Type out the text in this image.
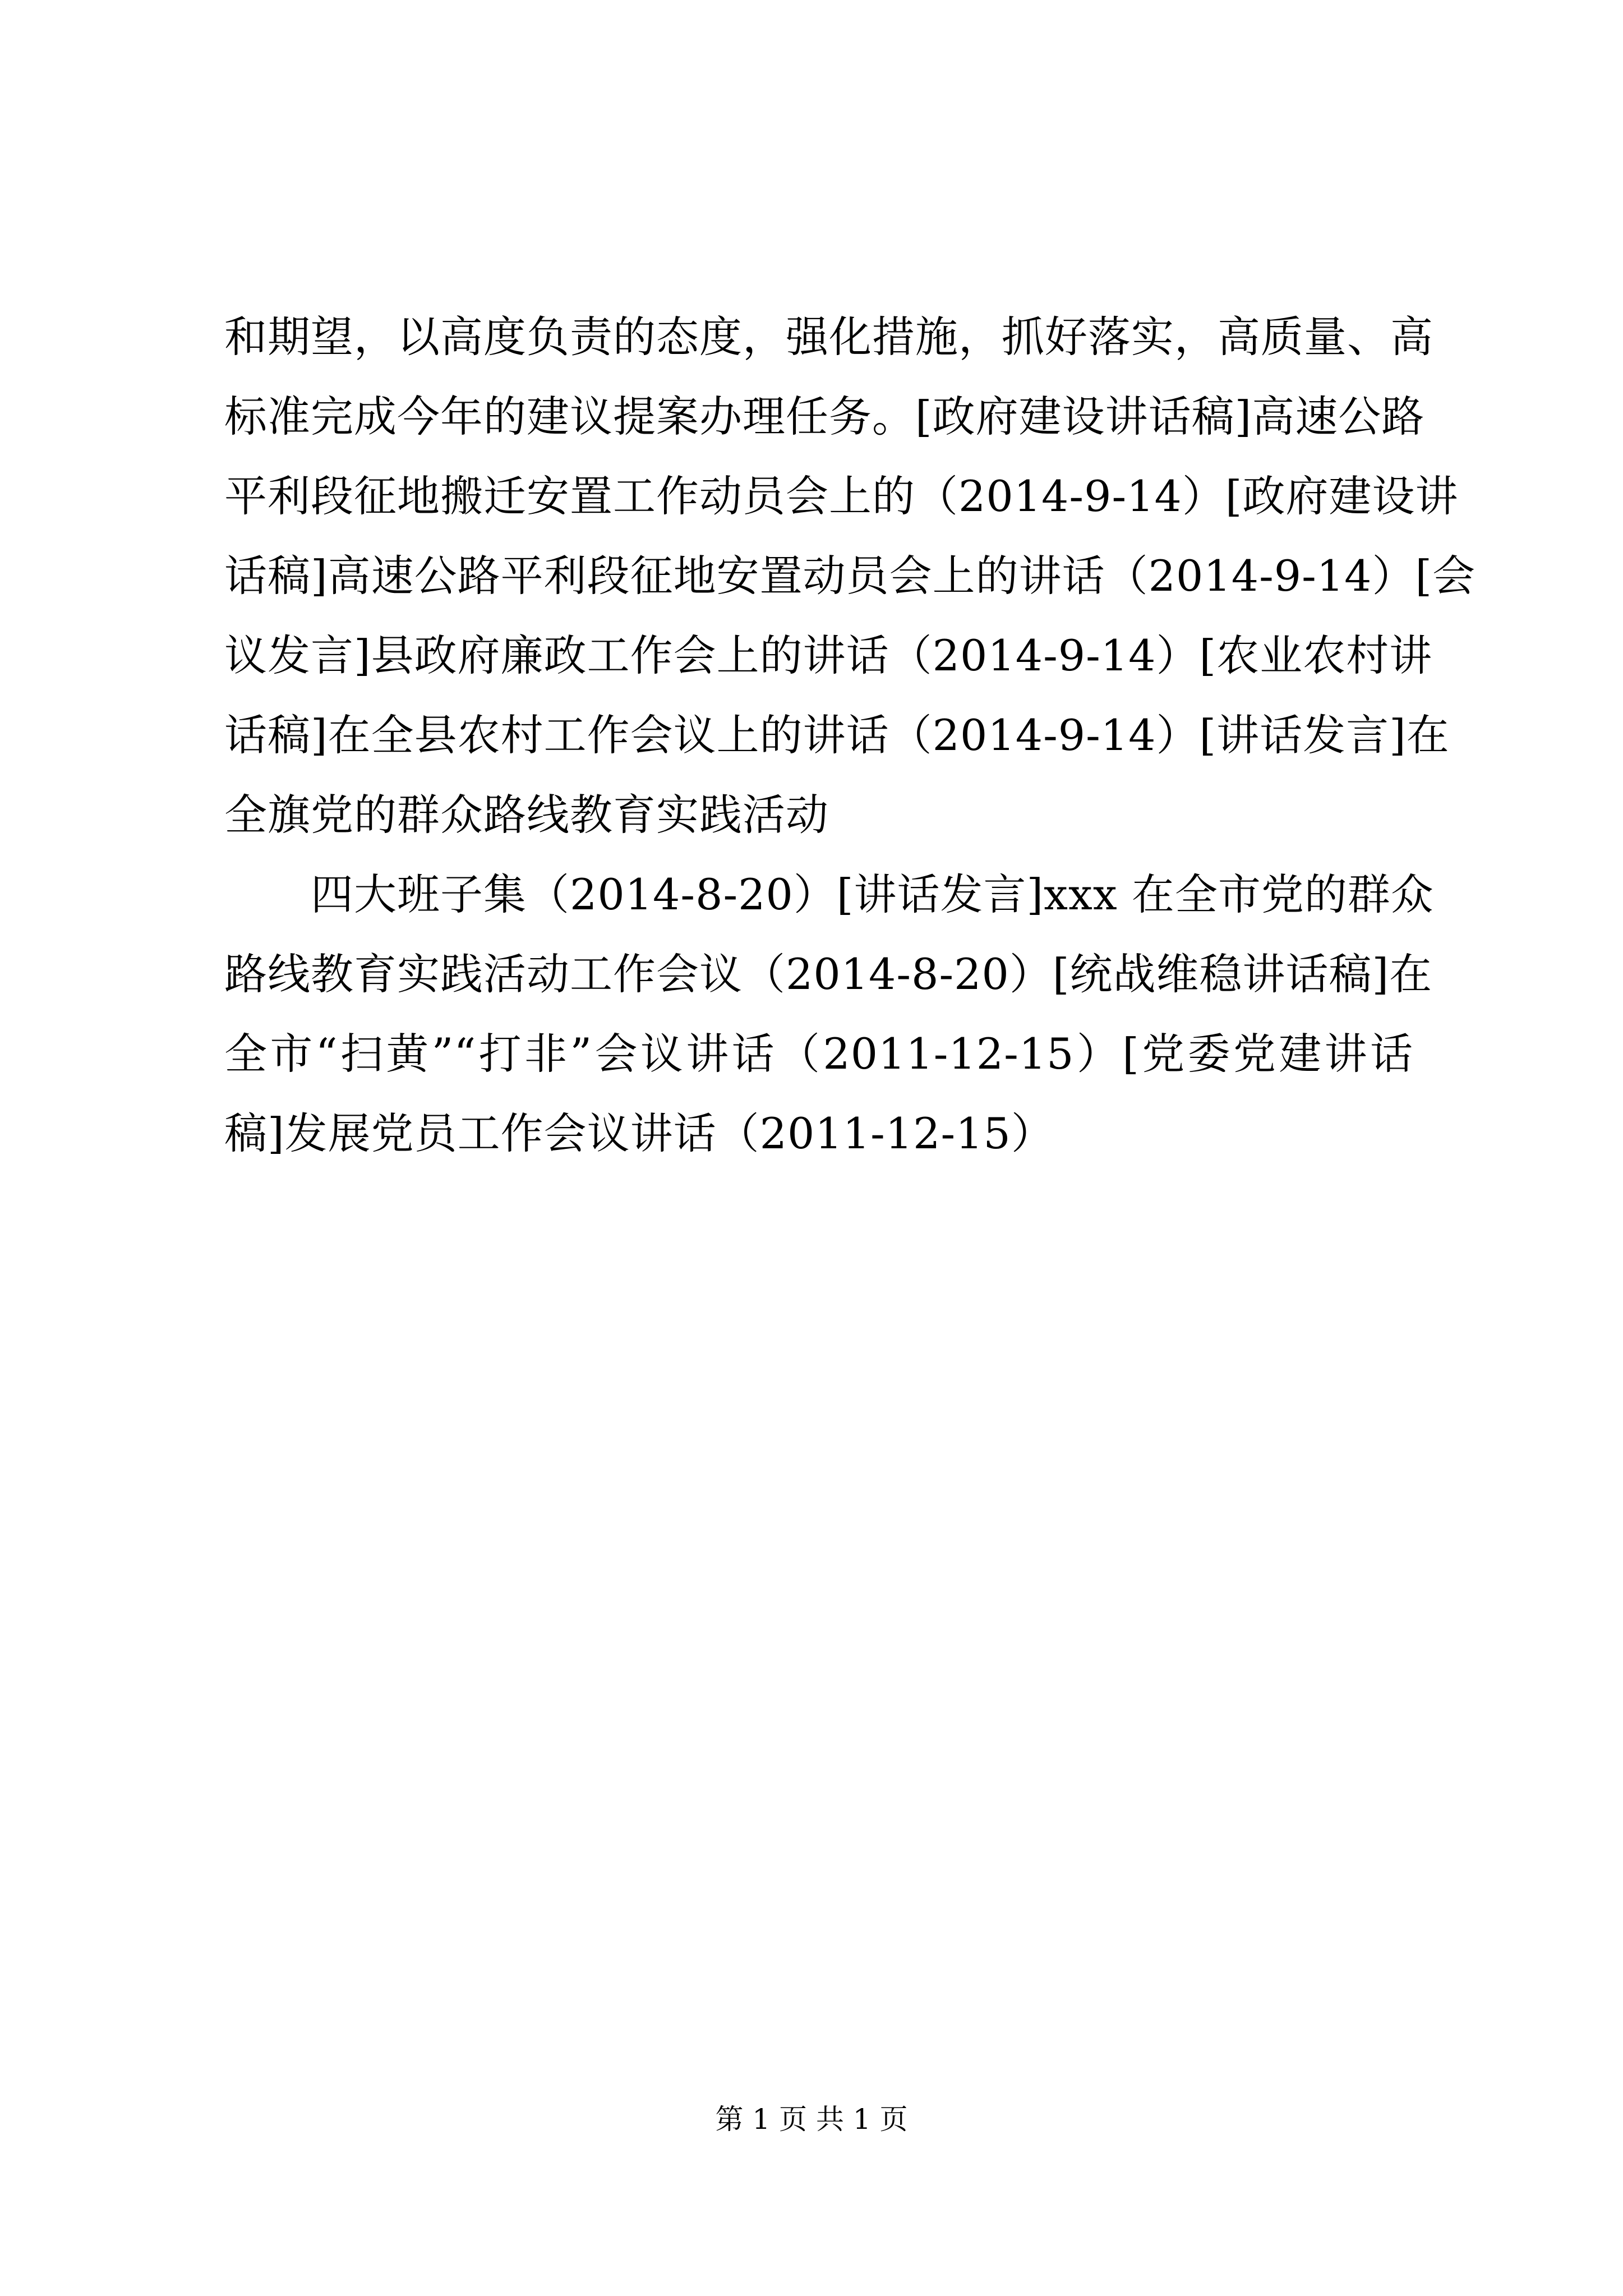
和期望，以高度负责的态度，强化措施，抓好落实，高质量、高
标准完成今年的建议提案办理任务。[政府建设讲话稿]高速公路
平利段征地搬迁安置工作动员会上的（2014-9-14）[政府建设讲
话稿]高速公路平利段征地安置动员会上的讲话（2014-9-14）[会
议发言]县政府廉政工作会上的讲话（2014-9-14）[农业农村讲
话稿]在全县农村工作会议上的讲话（2014-9-14）[讲话发言]在
全旗党的群众路线教育实践活动
　　四大班子集（2014-8-20）[讲话发言]xxx 在全市党的群众
路线教育实践活动工作会议（2014-8-20）[统战维稳讲话稿]在
全市“扫黄”“打非”会议讲话（2011-12-15）[党委党建讲话
稿]发展党员工作会议讲话（2011-12-15）
第 1 页 共 1 页
